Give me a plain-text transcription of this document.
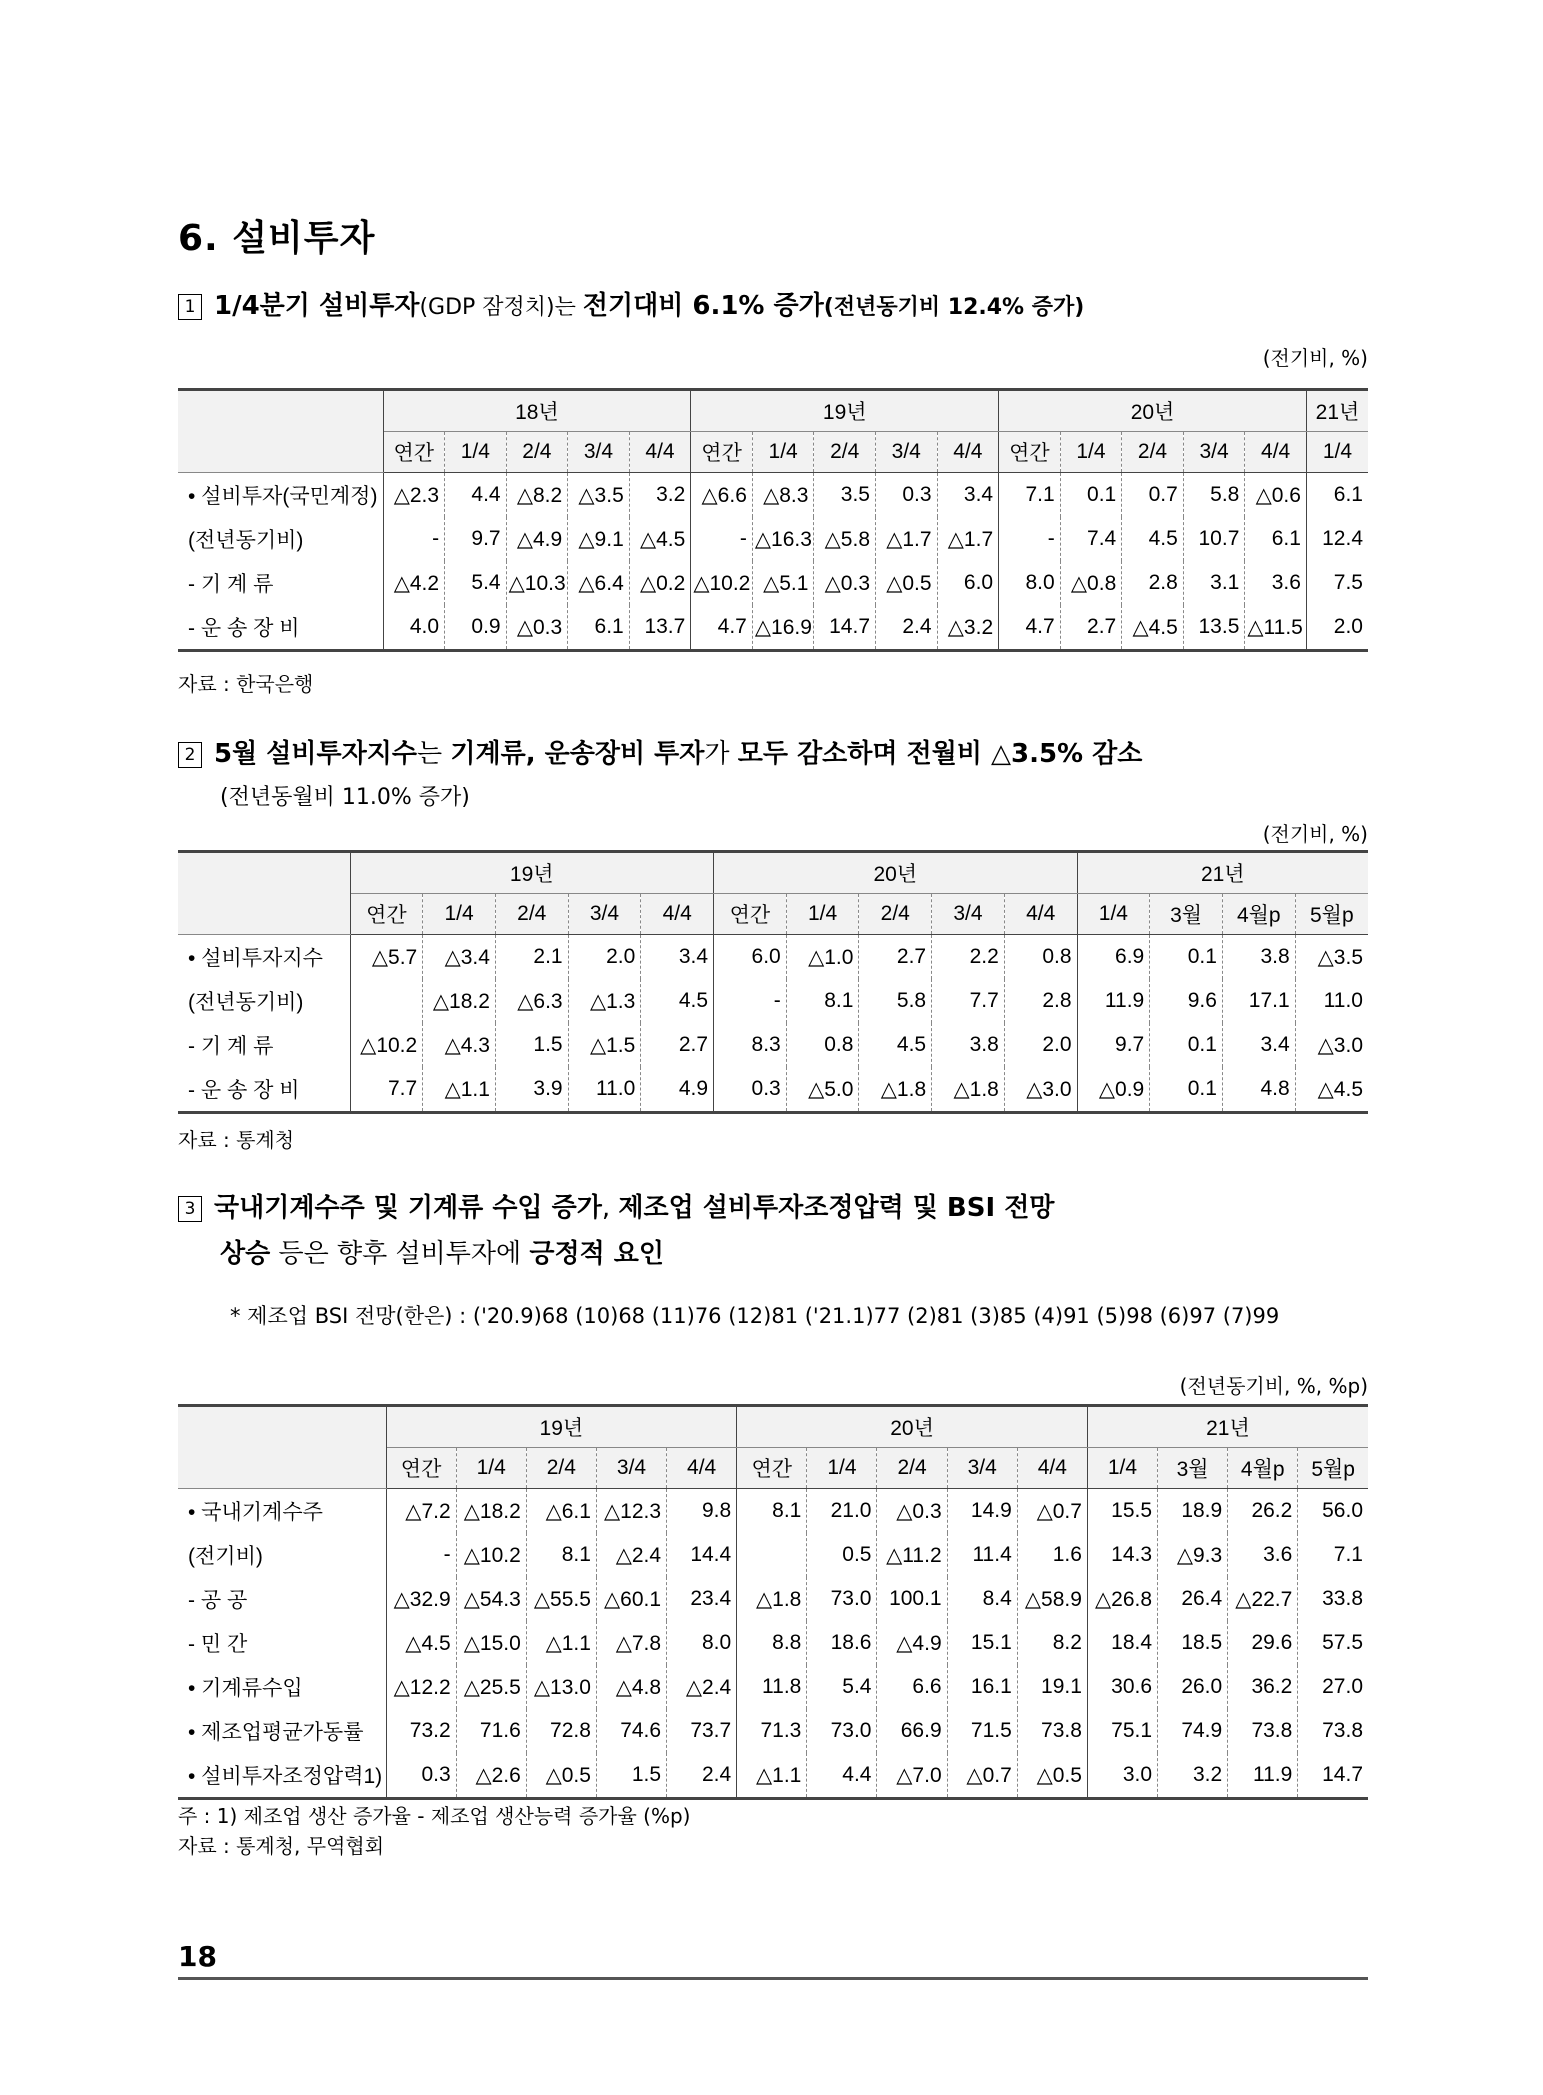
6. 설비투자
1 1/4분기 설비투자(GDP 잠정치)는 전기대비 6.1% 증가(전년동기비 12.4% 증가)
(전기비, %)
	18년					19년					20년					21년
	연간	1/4	2/4	3/4	4/4	연간	1/4	2/4	3/4	4/4	연간	1/4	2/4	3/4	4/4	1/4
• 설비투자(국민계정)	△2.3	4.4	△8.2	△3.5	3.2	△6.6	△8.3	3.5	0.3	3.4	7.1	0.1	0.7	5.8	△0.6	6.1
(전년동기비)	-	9.7	△4.9	△9.1	△4.5	-	△16.3	△5.8	△1.7	△1.7	-	7.4	4.5	10.7	6.1	12.4
- 기 계 류	△4.2	5.4	△10.3	△6.4	△0.2	△10.2	△5.1	△0.3	△0.5	6.0	8.0	△0.8	2.8	3.1	3.6	7.5
- 운 송 장 비	4.0	0.9	△0.3	6.1	13.7	4.7	△16.9	14.7	2.4	△3.2	4.7	2.7	△4.5	13.5	△11.5	2.0
자료 : 한국은행
2 5월 설비투자지수는 기계류, 운송장비 투자가 모두 감소하며 전월비 △3.5% 감소
(전년동월비 11.0% 증가)
(전기비, %)
	19년					20년					21년			
	연간	1/4	2/4	3/4	4/4	연간	1/4	2/4	3/4	4/4	1/4	3월	4월p	5월p
• 설비투자지수	△5.7	△3.4	2.1	2.0	3.4	6.0	△1.0	2.7	2.2	0.8	6.9	0.1	3.8	△3.5
(전년동기비)		△18.2	△6.3	△1.3	4.5	-	8.1	5.8	7.7	2.8	11.9	9.6	17.1	11.0
- 기 계 류	△10.2	△4.3	1.5	△1.5	2.7	8.3	0.8	4.5	3.8	2.0	9.7	0.1	3.4	△3.0
- 운 송 장 비	7.7	△1.1	3.9	11.0	4.9	0.3	△5.0	△1.8	△1.8	△3.0	△0.9	0.1	4.8	△4.5
자료 : 통계청
3 국내기계수주 및 기계류 수입 증가, 제조업 설비투자조정압력 및 BSI 전망
상승 등은 향후 설비투자에 긍정적 요인
* 제조업 BSI 전망(한은) : ('20.9)68 (10)68 (11)76 (12)81 ('21.1)77 (2)81 (3)85 (4)91 (5)98 (6)97 (7)99
(전년동기비, %, %p)
	19년					20년					21년			
	연간	1/4	2/4	3/4	4/4	연간	1/4	2/4	3/4	4/4	1/4	3월	4월p	5월p
• 국내기계수주	△7.2	△18.2	△6.1	△12.3	9.8	8.1	21.0	△0.3	14.9	△0.7	15.5	18.9	26.2	56.0
(전기비)	-	△10.2	8.1	△2.4	14.4		0.5	△11.2	11.4	1.6	14.3	△9.3	3.6	7.1
- 공 공	△32.9	△54.3	△55.5	△60.1	23.4	△1.8	73.0	100.1	8.4	△58.9	△26.8	26.4	△22.7	33.8
- 민 간	△4.5	△15.0	△1.1	△7.8	8.0	8.8	18.6	△4.9	15.1	8.2	18.4	18.5	29.6	57.5
• 기계류수입	△12.2	△25.5	△13.0	△4.8	△2.4	11.8	5.4	6.6	16.1	19.1	30.6	26.0	36.2	27.0
• 제조업평균가동률	73.2	71.6	72.8	74.6	73.7	71.3	73.0	66.9	71.5	73.8	75.1	74.9	73.8	73.8
• 설비투자조정압력1)	0.3	△2.6	△0.5	1.5	2.4	△1.1	4.4	△7.0	△0.7	△0.5	3.0	3.2	11.9	14.7
주 : 1) 제조업 생산 증가율 - 제조업 생산능력 증가율 (%p)
자료 : 통계청, 무역협회
18
